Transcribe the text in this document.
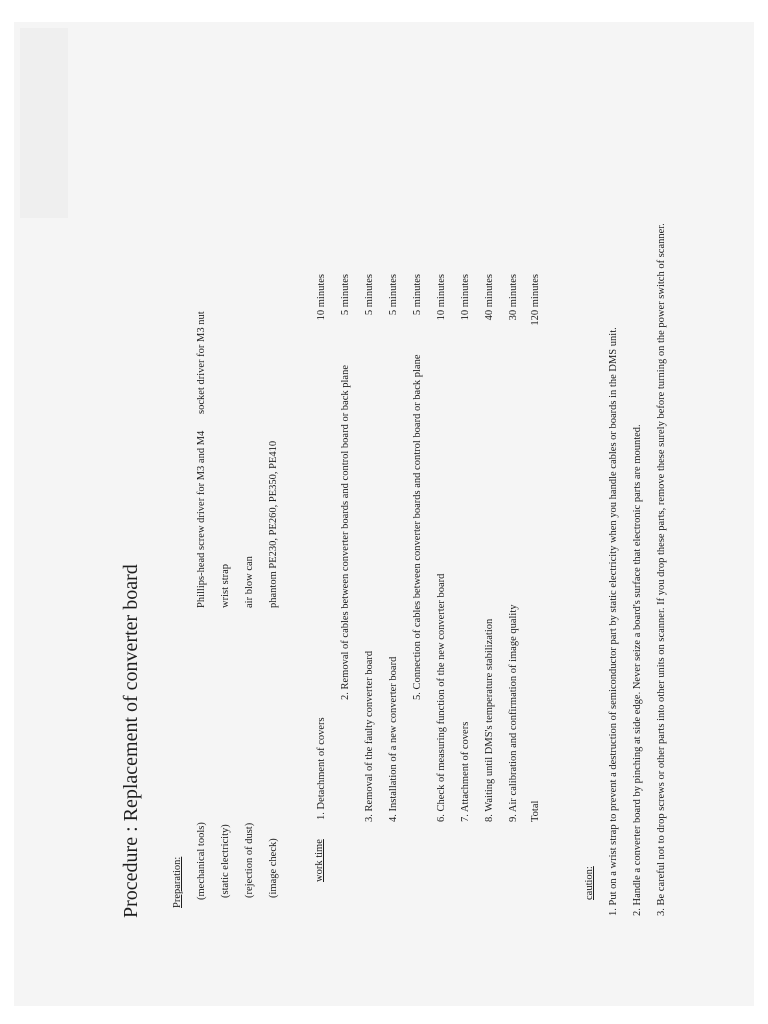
Procedure : Replacement of converter board	Preparation: (mechanical tools)
Phillips-head screw driver for M3 and M4
socket driver for M3 nut
(static electricity)
wrist strap
(rejection of dust)
air blow can
(image check)
phantom PE230, PE260, PE350, PE410
work time
1. Detachment of covers
10 minutes
2. Removal of cables between converter boards and control board or back plane
5 minutes
3. Removal of the faulty converter board
5 minutes
4. Installation of a new converter board
5 minutes
5. Connection of cables between converter boards and control board or back plane
5 minutes
6. Check of measuring function of the new converter board
10 minutes
7. Attachment of covers
10 minutes
8. Waiting until DMS's temperature stabilization
40 minutes
9. Air calibration and confirmation of image quality
30 minutes
Total
120 minutes
caution: 1. Put on a wrist strap to prevent a destruction of semiconductor part by static electricity when you handle cables or boards in the DMS unit. 2. Handle a converter board by pinching at side edge. Never seize a board's surface that electronic parts are mounted. 3. Be careful not to drop screws or other parts into other units on scanner. If you drop these parts, remove these surely before turning on the power switch of scanner.
